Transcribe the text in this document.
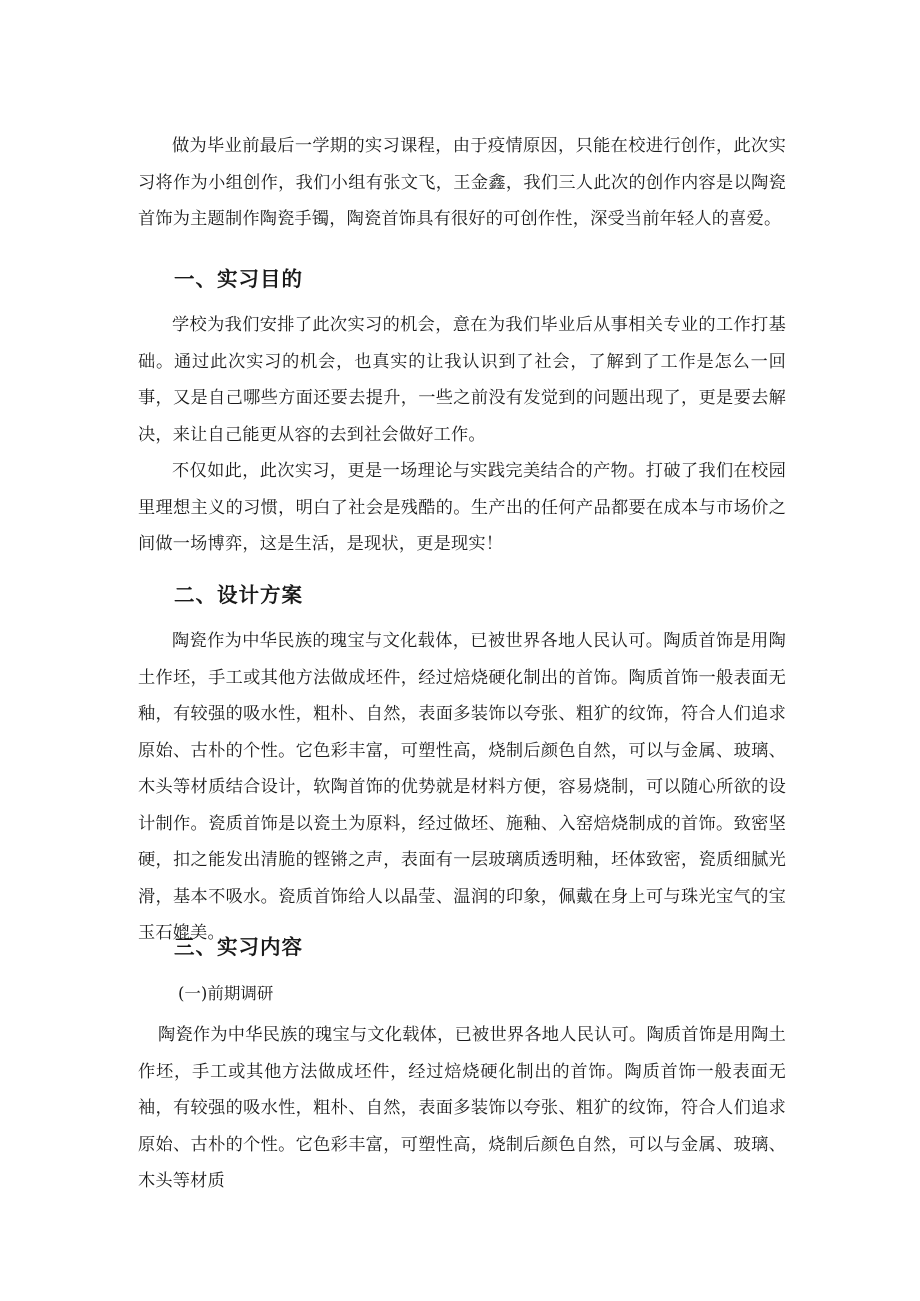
做为毕业前最后一学期的实习课程，由于疫情原因，只能在校进行创作，此次实习将作为小组创作，我们小组有张文飞，王金鑫，我们三人此次的创作内容是以陶瓷首饰为主题制作陶瓷手镯，陶瓷首饰具有很好的可创作性，深受当前年轻人的喜爱。

一、实习目的

学校为我们安排了此次实习的机会，意在为我们毕业后从事相关专业的工作打基础。通过此次实习的机会，也真实的让我认识到了社会，了解到了工作是怎么一回事，又是自己哪些方面还要去提升，一些之前没有发觉到的问题出现了，更是要去解决，来让自己能更从容的去到社会做好工作。

不仅如此，此次实习，更是一场理论与实践完美结合的产物。打破了我们在校园里理想主义的习惯，明白了社会是残酷的。生产出的任何产品都要在成本与市场价之间做一场博弈，这是生活，是现状，更是现实！

二、设计方案

陶瓷作为中华民族的瑰宝与文化载体，已被世界各地人民认可。陶质首饰是用陶土作坯，手工或其他方法做成坯件，经过焙烧硬化制出的首饰。陶质首饰一般表面无釉，有较强的吸水性，粗朴、自然，表面多装饰以夸张、粗犷的纹饰，符合人们追求原始、古朴的个性。它色彩丰富，可塑性高，烧制后颜色自然，可以与金属、玻璃、木头等材质结合设计，软陶首饰的优势就是材料方便，容易烧制，可以随心所欲的设计制作。瓷质首饰是以瓷土为原料，经过做坯、施釉、入窑焙烧制成的首饰。致密坚硬，扣之能发出清脆的铿锵之声，表面有一层玻璃质透明釉，坯体致密，瓷质细腻光滑，基本不吸水。瓷质首饰给人以晶莹、温润的印象，佩戴在身上可与珠光宝气的宝玉石媲美。

三、实习内容

(一)前期调研

陶瓷作为中华民族的瑰宝与文化载体，已被世界各地人民认可。陶质首饰是用陶土作坯，手工或其他方法做成坯件，经过焙烧硬化制出的首饰。陶质首饰一般表面无袖，有较强的吸水性，粗朴、自然，表面多装饰以夸张、粗犷的纹饰，符合人们追求原始、古朴的个性。它色彩丰富，可塑性高，烧制后颜色自然，可以与金属、玻璃、木头等材质
